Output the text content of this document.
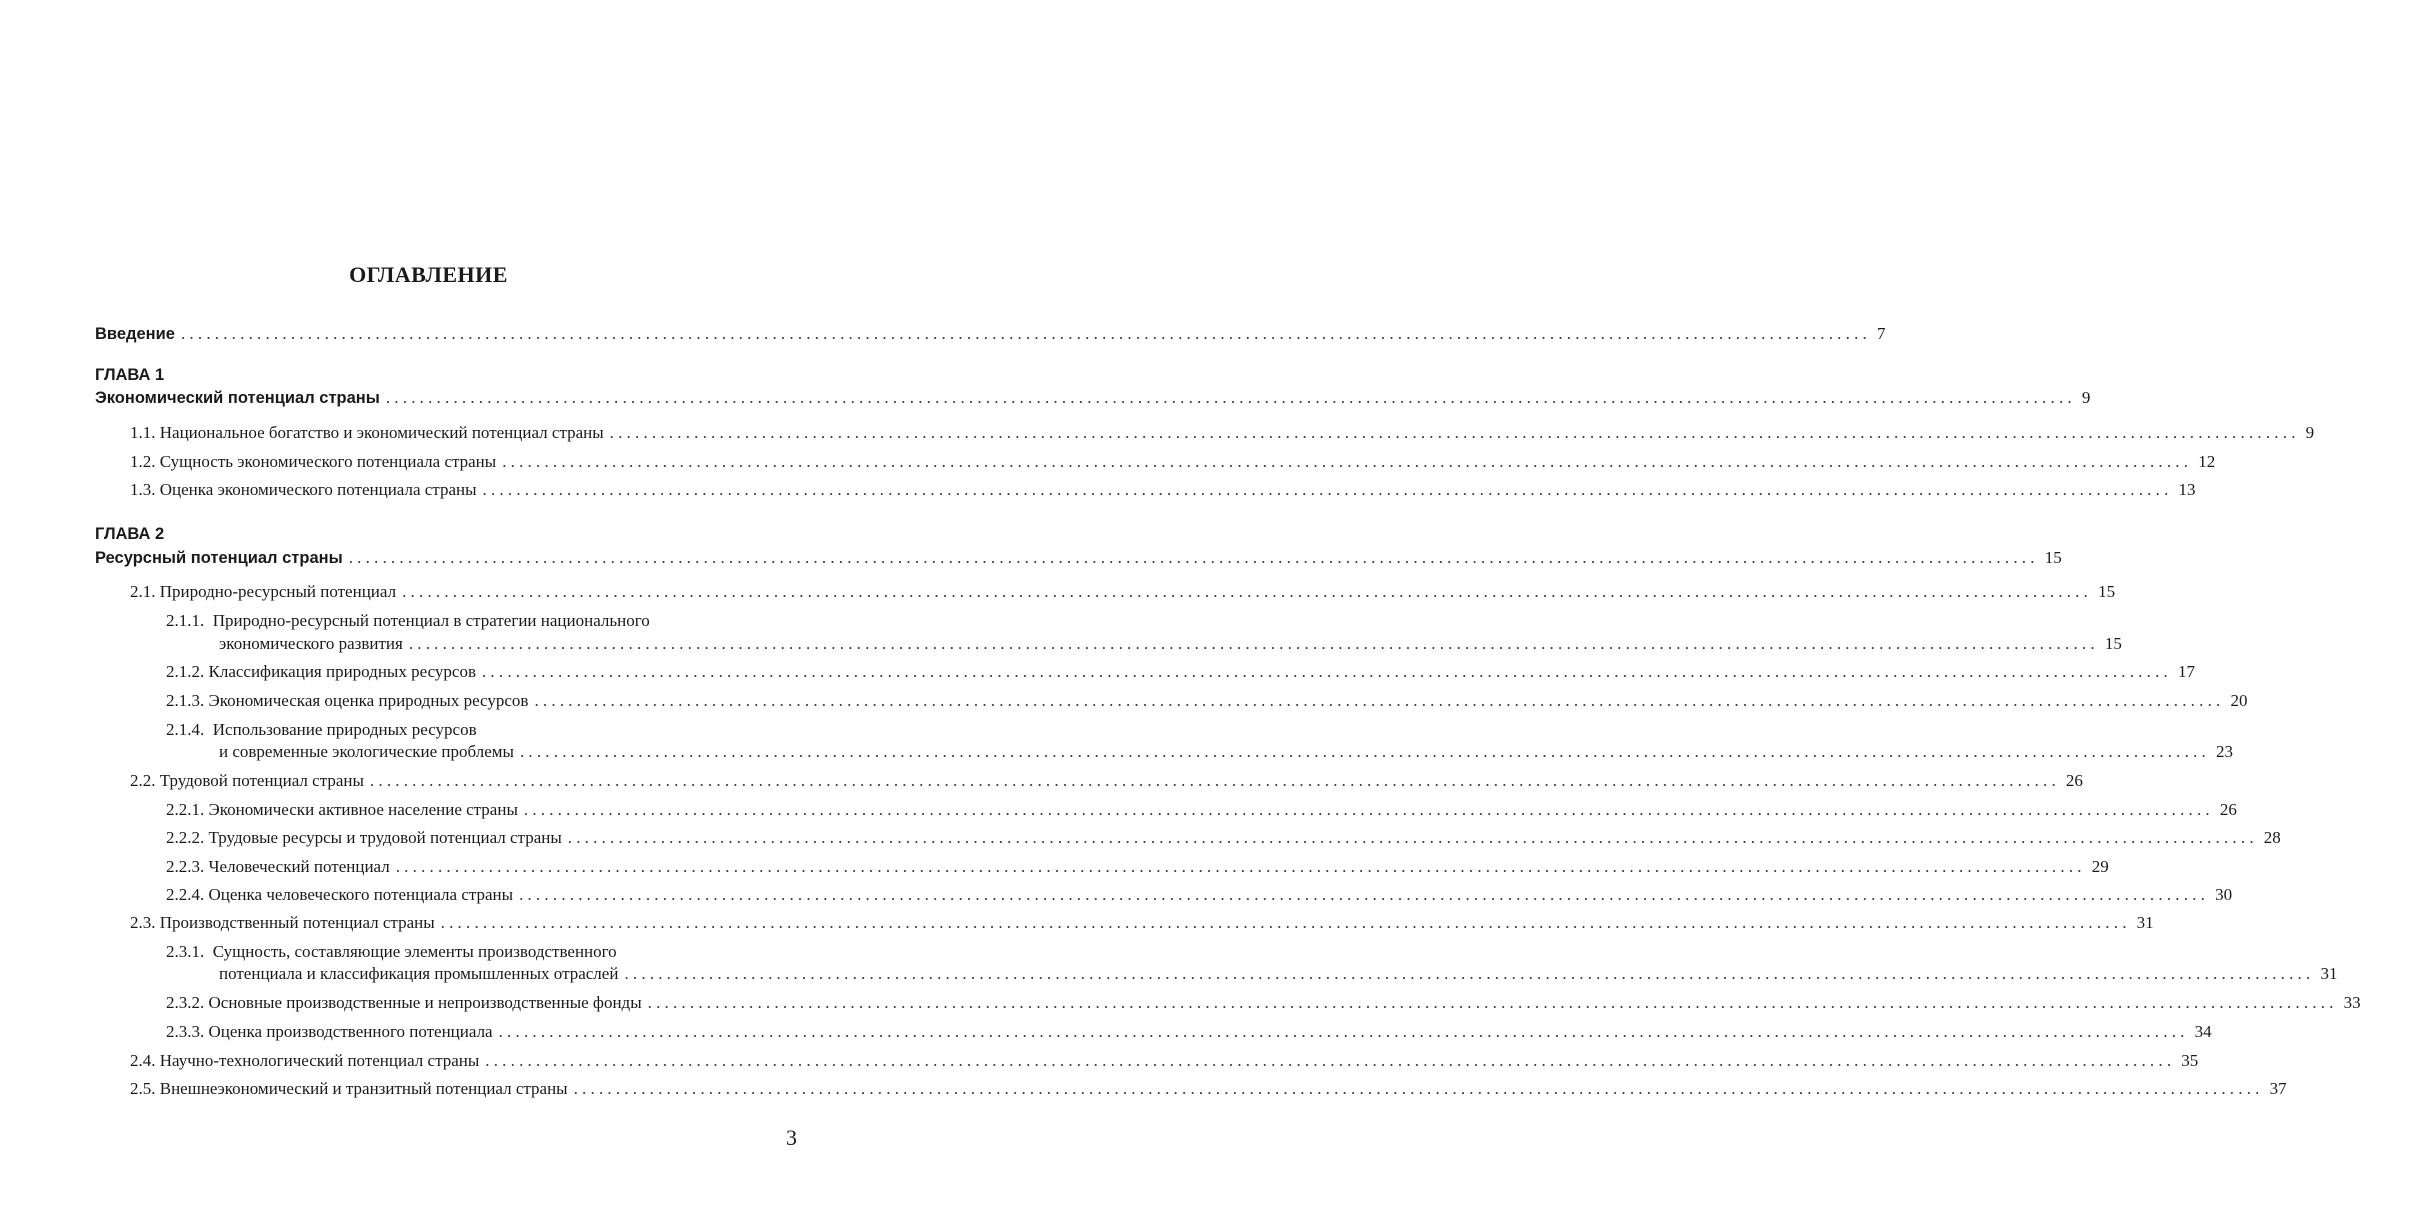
ОГЛАВЛЕНИЕ
Введение ........................................................................................................................................................................................................ 7
ГЛАВА 1
Экономический потенциал страны ........................................................................................................................................................................................................ 9
1.1.
Национальное богатство и экономический потенциал страны ........................................................................................................................................................................................................ 9
1.2.
Сущность экономического потенциала страны ........................................................................................................................................................................................................ 12
1.3.
Оценка экономического потенциала страны ........................................................................................................................................................................................................ 13
ГЛАВА 2
Ресурсный потенциал страны ........................................................................................................................................................................................................ 15
2.1.
Природно-ресурсный потенциал ........................................................................................................................................................................................................ 15
2.1.1. Природно-ресурсный потенциал в стратегии национального
экономического развития ........................................................................................................................................................................................................ 15
2.1.2.
Классификация природных ресурсов ........................................................................................................................................................................................................ 17
2.1.3.
Экономическая оценка природных ресурсов ........................................................................................................................................................................................................ 20
2.1.4. Использование природных ресурсов
и современные экологические проблемы ........................................................................................................................................................................................................ 23
2.2.
Трудовой потенциал страны ........................................................................................................................................................................................................ 26
2.2.1.
Экономически активное население страны ........................................................................................................................................................................................................ 26
2.2.2.
Трудовые ресурсы и трудовой потенциал страны ........................................................................................................................................................................................................ 28
2.2.3.
Человеческий потенциал ........................................................................................................................................................................................................ 29
2.2.4.
Оценка человеческого потенциала страны ........................................................................................................................................................................................................ 30
2.3.
Производственный потенциал страны ........................................................................................................................................................................................................ 31
2.3.1. Сущность, составляющие элементы производственного
потенциала и классификация промышленных отраслей ........................................................................................................................................................................................................ 31
2.3.2.
Основные производственные и непроизводственные фонды ........................................................................................................................................................................................................ 33
2.3.3.
Оценка производственного потенциала ........................................................................................................................................................................................................ 34
2.4.
Научно-технологический потенциал страны ........................................................................................................................................................................................................ 35
2.5.
Внешнеэкономический и транзитный потенциал страны ........................................................................................................................................................................................................ 37
3
